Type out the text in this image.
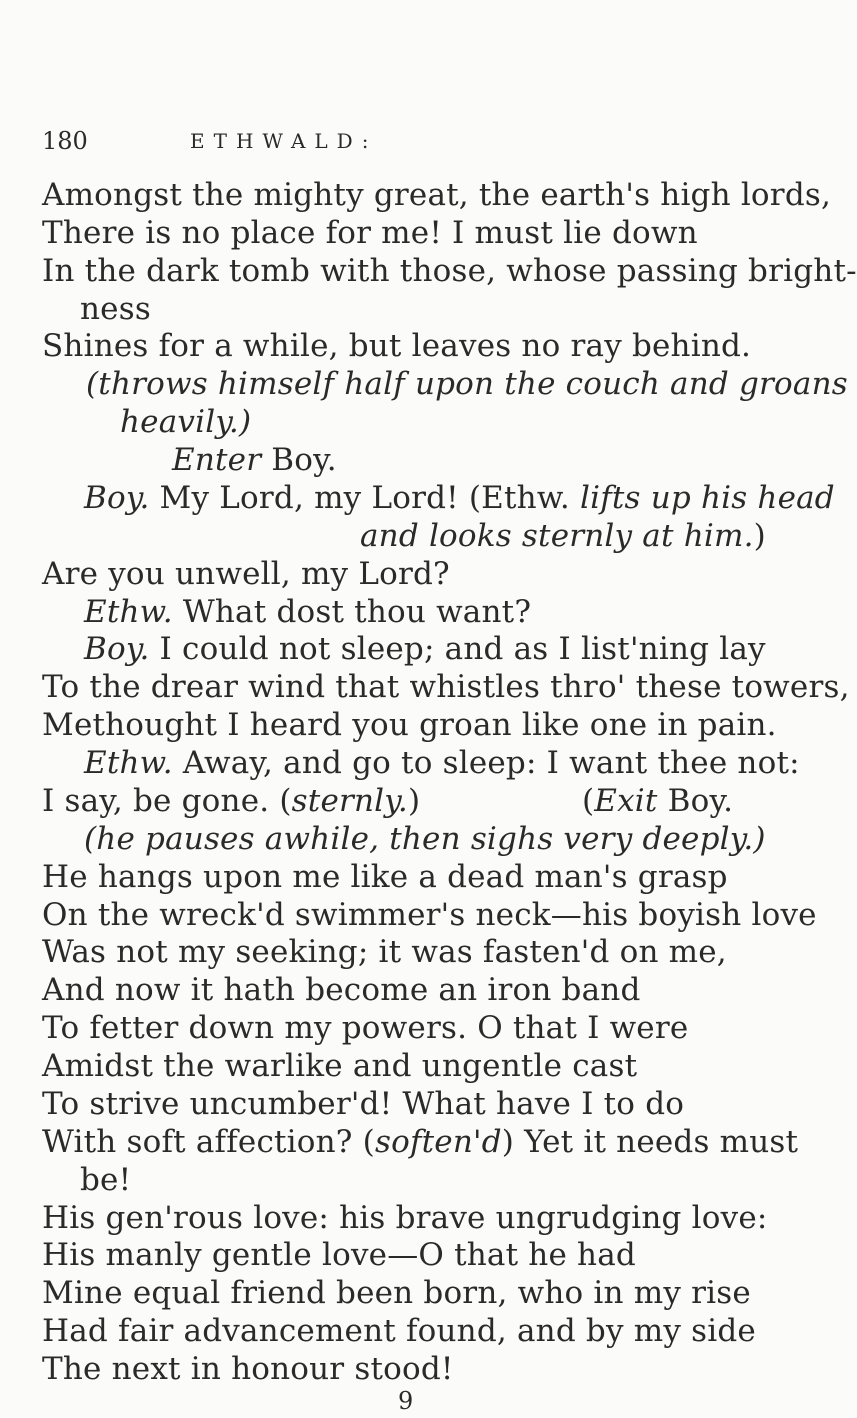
180	ETHWALD:
Amongst the mighty great, the earth's high lords,
There is no place for me! I must lie down
In the dark tomb with those, whose passing bright-
ness
Shines for a while, but leaves no ray behind.
(throws himself half upon the couch and groans
heavily.)
Enter Boy.
Boy. My Lord, my Lord! (Ethw. lifts up his head
and looks sternly at him.)
Are you unwell, my Lord?
Ethw. What dost thou want?
Boy. I could not sleep; and as I list'ning lay
To the drear wind that whistles thro' these towers,
Methought I heard you groan like one in pain.
Ethw. Away, and go to sleep: I want thee not:
I say, be gone. (sternly.)
(he pauses awhile, then sighs very deeply.)
He hangs upon me like a dead man's grasp
On the wreck'd swimmer's neck—his boyish love
Was not my seeking; it was fasten'd on me,
And now it hath become an iron band
To fetter down my powers. O that I were
Amidst the warlike and ungentle cast
To strive uncumber'd! What have I to do
With soft affection? (soften'd) Yet it needs must
be!
His gen'rous love: his brave ungrudging love:
His manly gentle love—O that he had
Mine equal friend been born, who in my rise
Had fair advancement found, and by my side
The next in honour stood!
(Exit Boy.
9
